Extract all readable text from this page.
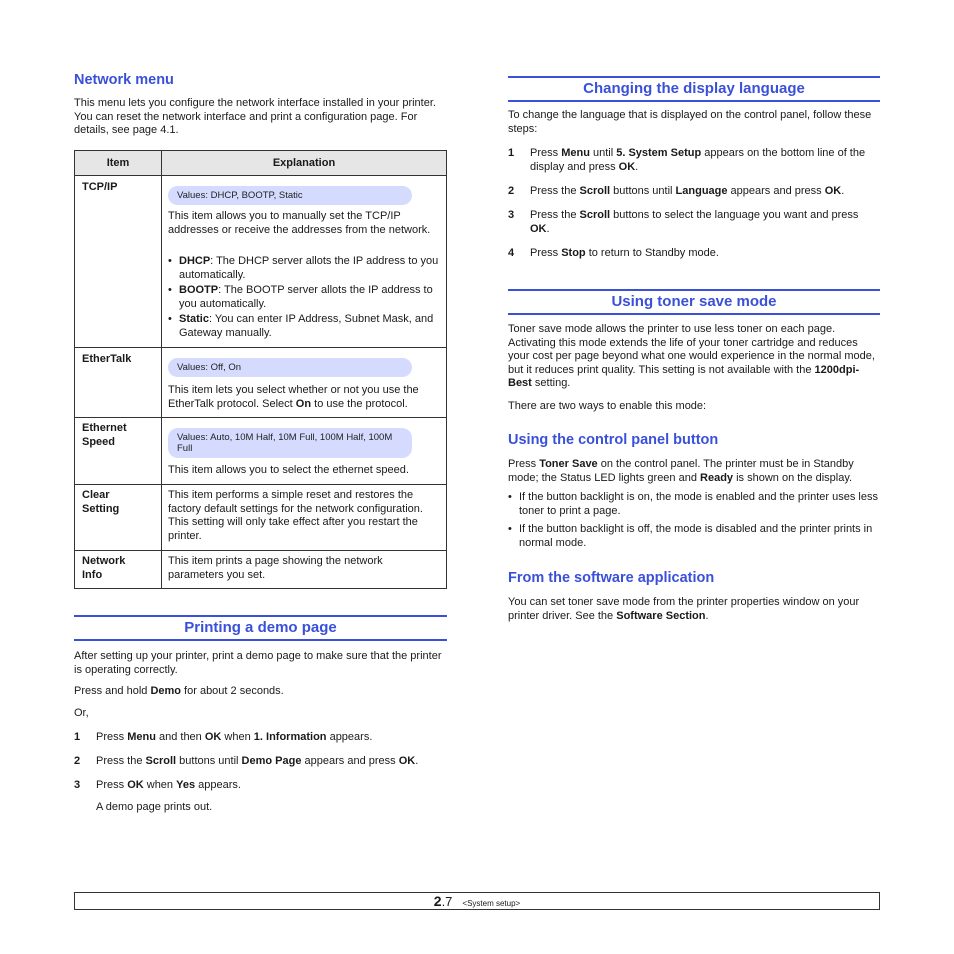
Network menu
This menu lets you configure the network interface installed in your printer. You can reset the network interface and print a configuration page. For details, see page 4.1.
Item	Explanation
TCP/IP
Values: DHCP, BOOTP, Static
This item allows you to manually set the TCP/IP addresses or receive the addresses from the network.
• DHCP: The DHCP server allots the IP address to you automatically.
• BOOTP: The BOOTP server allots the IP address to you automatically.
• Static: You can enter IP Address, Subnet Mask, and Gateway manually.
EtherTalk
Values: Off, On
This item lets you select whether or not you use the EtherTalk protocol. Select On to use the protocol.
Ethernet
Speed	Values: Auto, 10M Half, 10M Full, 100M Half, 100M Full
This item allows you to select the ethernet speed.
Clear
Setting
This item performs a simple reset and restores the factory default settings for the network configuration. This setting will only take effect after you restart the printer.
Network
Info
This item prints a page showing the network parameters you set.
Printing a demo page
After setting up your printer, print a demo page to make sure that the printer is operating correctly.
Press and hold Demo for about 2 seconds.
Or,
1 Press Menu and then OK when 1. Information appears.
2 Press the Scroll buttons until Demo Page appears and press OK.
3 Press OK when Yes appears.
A demo page prints out.
Changing the display language
To change the language that is displayed on the control panel, follow these steps:
1 Press Menu until 5. System Setup appears on the bottom line of the display and press OK.
2 Press the Scroll buttons until Language appears and press OK.
3 Press the Scroll buttons to select the language you want and press OK.
4 Press Stop to return to Standby mode.
Using toner save mode
Toner save mode allows the printer to use less toner on each page. Activating this mode extends the life of your toner cartridge and reduces your cost per page beyond what one would experience in the normal mode, but it reduces print quality. This setting is not available with the 1200dpi-Best setting.
There are two ways to enable this mode:
Using the control panel button
Press Toner Save on the control panel. The printer must be in Standby mode; the Status LED lights green and Ready is shown on the display.
• If the button backlight is on, the mode is enabled and the printer uses less toner to print a page.
• If the button backlight is off, the mode is disabled and the printer prints in normal mode.
From the software application
You can set toner save mode from the printer properties window on your printer driver. See the Software Section.
2.7 <System setup>
